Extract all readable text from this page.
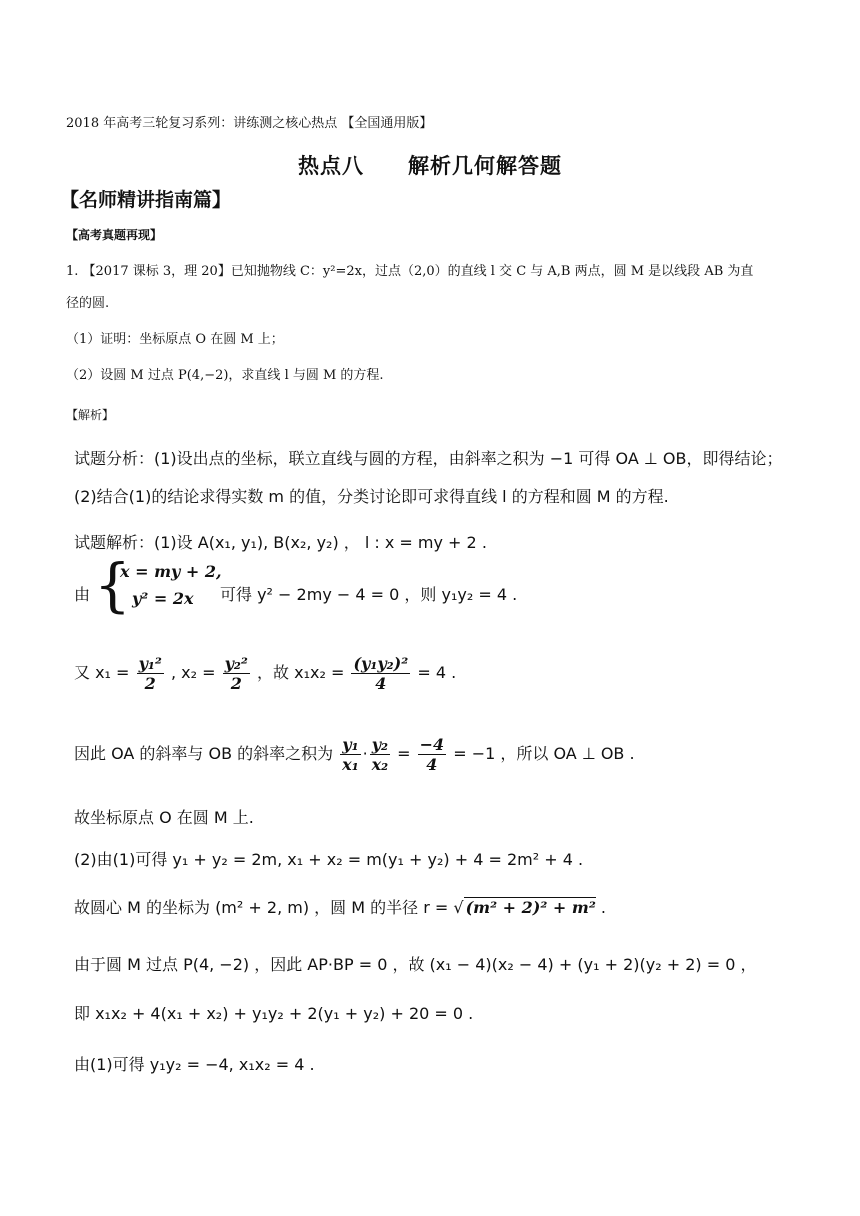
2018 年高考三轮复习系列：讲练测之核心热点 【全国通用版】
热点八　　解析几何解答题
【名师精讲指南篇】
【高考真题再现】
1. 【2017 课标 3，理 20】已知抛物线 C：y²=2x，过点（2,0）的直线 l 交 C 与 A,B 两点，圆 M 是以线段 AB 为直
径的圆.
（1）证明：坐标原点 O 在圆 M 上；
（2）设圆 M 过点 P(4,−2)，求直线 l 与圆 M 的方程.
【解析】
试题分析：(1)设出点的坐标，联立直线与圆的方程，由斜率之积为 −1 可得 OA ⊥ OB，即得结论；
(2)结合(1)的结论求得实数 m 的值，分类讨论即可求得直线 l 的方程和圆 M 的方程.
试题解析：(1)设 A(x₁, y₁), B(x₂, y₂) ， l : x = my + 2 .
由 {
x = my + 2,
y² = 2x	可得 y² − 2my − 4 = 0 ，则 y₁y₂ = 4 .
又 $x_1 = \frac{\text{y₁²}}{2}$ , $x_2 = \frac{\text{y₂²}}{2}$ ，故 $x_1x_2 = \frac{\text{(y₁y₂)²}}{4} = 4$ .
因此 OA 的斜率与 OB 的斜率之积为 $\frac{\text{y₁}}{\text{x₁}} \cdot \frac{\text{y₂}}{\text{x₂}} = \frac{-4}{4} = -1$ ，所以 OA ⊥ OB .
故坐标原点 O 在圆 M 上.
(2)由(1)可得 y₁ + y₂ = 2m, x₁ + x₂ = m(y₁ + y₂) + 4 = 2m² + 4 .
故圆心 M 的坐标为 (m² + 2, m) ，圆 M 的半径 r = √ (m² + 2)² + m² .
由于圆 M 过点 P(4, −2) ，因此 AP·BP = 0 ，故 (x₁ − 4)(x₂ − 4) + (y₁ + 2)(y₂ + 2) = 0 ，
即 x₁x₂ + 4(x₁ + x₂) + y₁y₂ + 2(y₁ + y₂) + 20 = 0 .
由(1)可得 y₁y₂ = −4, x₁x₂ = 4 .
